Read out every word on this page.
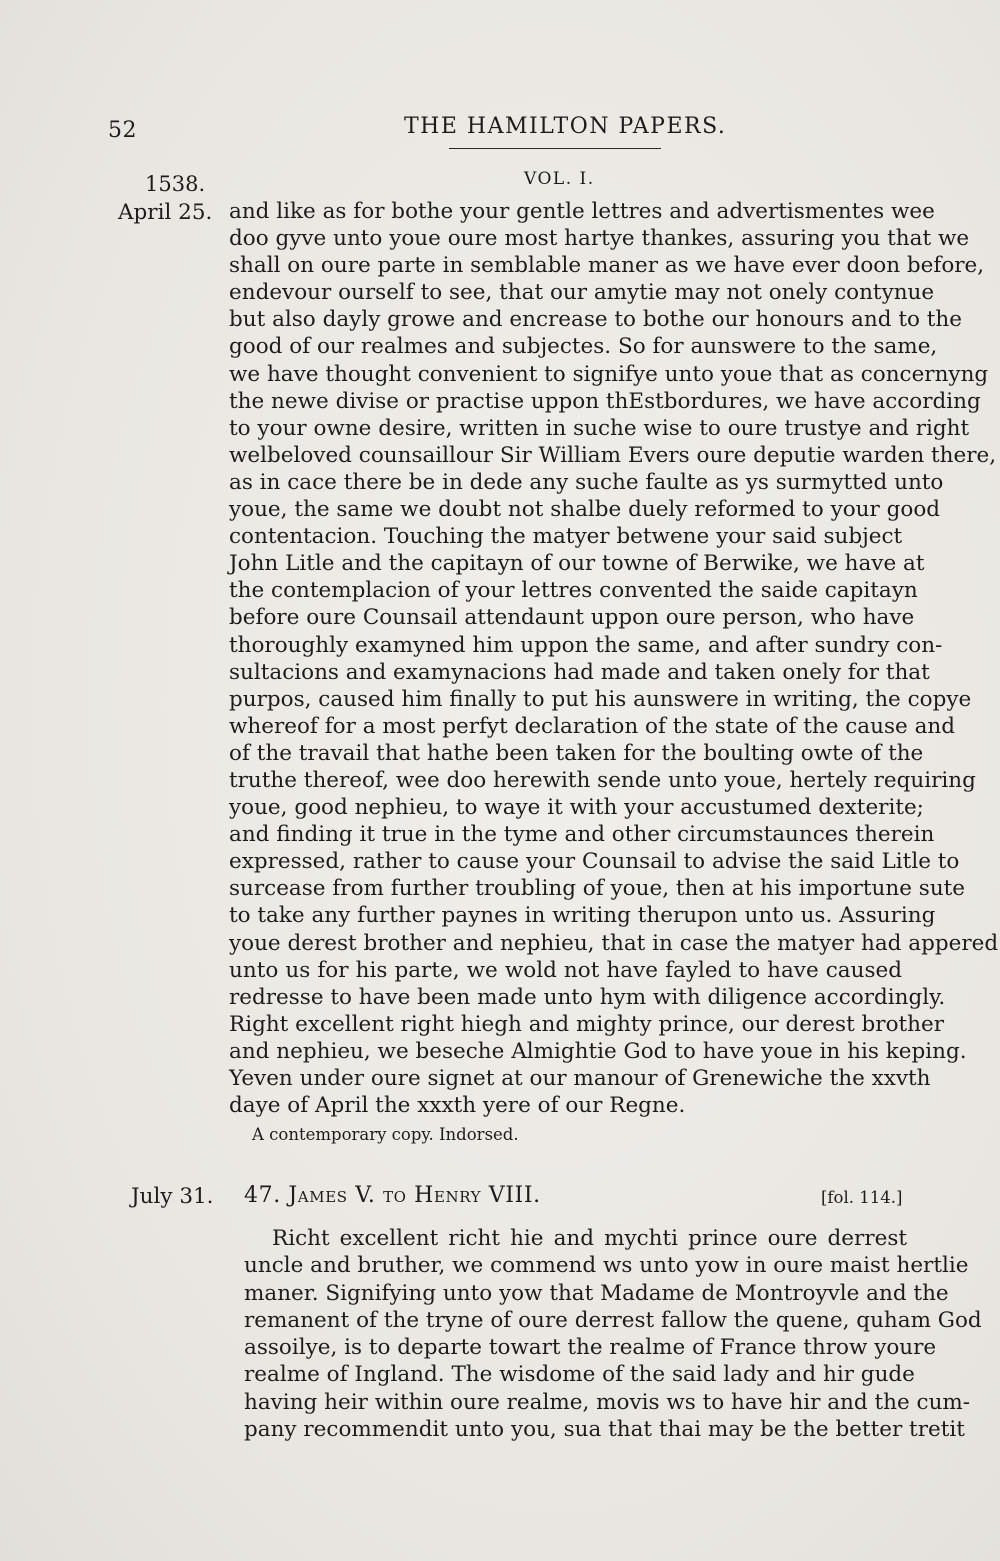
52	THE HAMILTON PAPERS.
1538.	VOL. I.
April 25. and like as for bothe your gentle lettres and advertismentes wee
doo gyve unto youe oure most hartye thankes, assuring you that we
shall on oure parte in semblable maner as we have ever doon before,
endevour ourself to see, that our amytie may not onely contynue
but also dayly growe and encrease to bothe our honours and to the
good of our realmes and subjectes. So for aunswere to the same,
we have thought convenient to signifye unto youe that as concernyng
the newe divise or practise uppon thEstbordures, we have according
to your owne desire, written in suche wise to oure trustye and right
welbeloved counsaillour Sir William Evers oure deputie warden there,
as in cace there be in dede any suche faulte as ys surmytted unto
youe, the same we doubt not shalbe duely reformed to your good
contentacion. Touching the matyer betwene your said subject
John Litle and the capitayn of our towne of Berwike, we have at
the contemplacion of your lettres convented the saide capitayn
before oure Counsail attendaunt uppon oure person, who have
thoroughly examyned him uppon the same, and after sundry con-
sultacions and examynacions had made and taken onely for that
purpos, caused him finally to put his aunswere in writing, the copye
whereof for a most perfyt declaration of the state of the cause and
of the travail that hathe been taken for the boulting owte of the
truthe thereof, wee doo herewith sende unto youe, hertely requiring
youe, good nephieu, to waye it with your accustumed dexterite;
and finding it true in the tyme and other circumstaunces therein
expressed, rather to cause your Counsail to advise the said Litle to
surcease from further troubling of youe, then at his importune sute
to take any further paynes in writing therupon unto us. Assuring
youe derest brother and nephieu, that in case the matyer had appered
unto us for his parte, we wold not have fayled to have caused
redresse to have been made unto hym with diligence accordingly.
Right excellent right hiegh and mighty prince, our derest brother
and nephieu, we beseche Almightie God to have youe in his keping.
Yeven under oure signet at our manour of Grenewiche the xxvth
daye of April the xxxth yere of our Regne.
A contemporary copy. Indorsed.
July 31. 47. James V. to Henry VIII.	[fol. 114.]
Richt excellent richt hie and mychti prince oure derrest
uncle and bruther, we commend ws unto yow in oure maist hertlie
maner. Signifying unto yow that Madame de Montroyvle and the
remanent of the tryne of oure derrest fallow the quene, quham God
assoilye, is to departe towart the realme of France throw youre
realme of Ingland. The wisdome of the said lady and hir gude
having heir within oure realme, movis ws to have hir and the cum-
pany recommendit unto you, sua that thai may be the better tretit
